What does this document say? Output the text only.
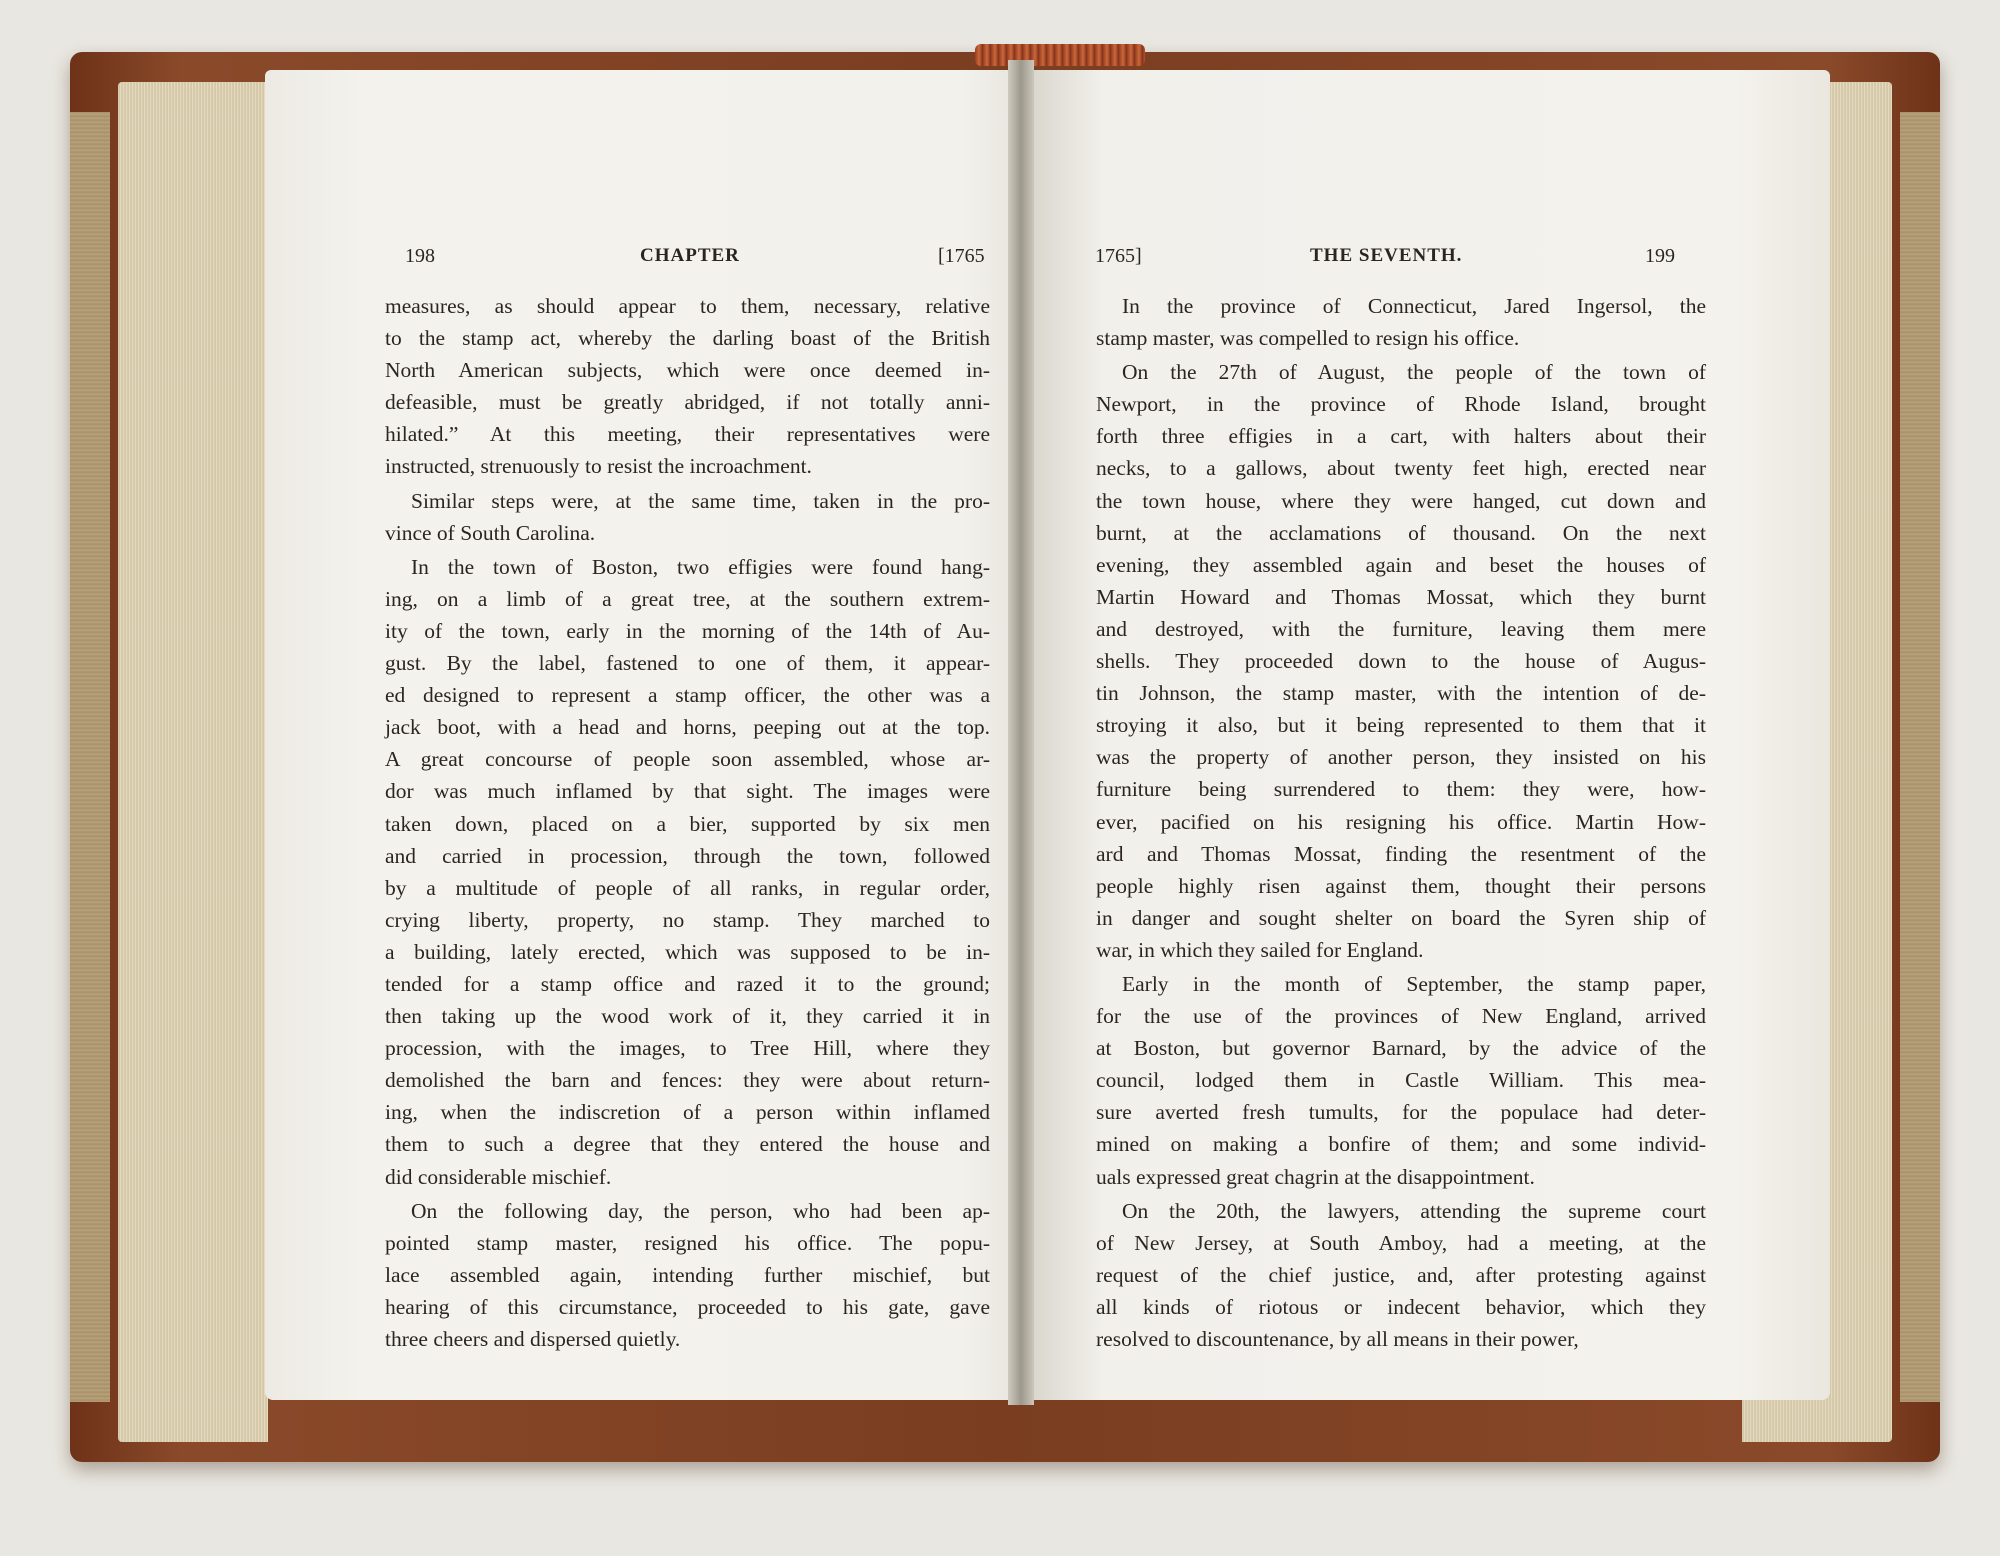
198	CHAPTER	[1765	1765]	THE SEVENTH.	199
measures, as should appear to them, necessary, relative
to the stamp act, whereby the darling boast of the British
North American subjects, which were once deemed in-
defeasible, must be greatly abridged, if not totally anni-
hilated.” At this meeting, their representatives were
instructed, strenuously to resist the incroachment.
Similar steps were, at the same time, taken in the pro-
vince of South Carolina.
In the town of Boston, two effigies were found hang-
ing, on a limb of a great tree, at the southern extrem-
ity of the town, early in the morning of the 14th of Au-
gust. By the label, fastened to one of them, it appear-
ed designed to represent a stamp officer, the other was a
jack boot, with a head and horns, peeping out at the top.
A great concourse of people soon assembled, whose ar-
dor was much inflamed by that sight. The images were
taken down, placed on a bier, supported by six men
and carried in procession, through the town, followed
by a multitude of people of all ranks, in regular order,
crying liberty, property, no stamp. They marched to
a building, lately erected, which was supposed to be in-
tended for a stamp office and razed it to the ground;
then taking up the wood work of it, they carried it in
procession, with the images, to Tree Hill, where they
demolished the barn and fences: they were about return-
ing, when the indiscretion of a person within inflamed
them to such a degree that they entered the house and
did considerable mischief.
On the following day, the person, who had been ap-
pointed stamp master, resigned his office. The popu-
lace assembled again, intending further mischief, but
hearing of this circumstance, proceeded to his gate, gave
three cheers and dispersed quietly.
In the province of Connecticut, Jared Ingersol, the
stamp master, was compelled to resign his office.
On the 27th of August, the people of the town of
Newport, in the province of Rhode Island, brought
forth three effigies in a cart, with halters about their
necks, to a gallows, about twenty feet high, erected near
the town house, where they were hanged, cut down and
burnt, at the acclamations of thousand. On the next
evening, they assembled again and beset the houses of
Martin Howard and Thomas Mossat, which they burnt
and destroyed, with the furniture, leaving them mere
shells. They proceeded down to the house of Augus-
tin Johnson, the stamp master, with the intention of de-
stroying it also, but it being represented to them that it
was the property of another person, they insisted on his
furniture being surrendered to them: they were, how-
ever, pacified on his resigning his office. Martin How-
ard and Thomas Mossat, finding the resentment of the
people highly risen against them, thought their persons
in danger and sought shelter on board the Syren ship of
war, in which they sailed for England.
Early in the month of September, the stamp paper,
for the use of the provinces of New England, arrived
at Boston, but governor Barnard, by the advice of the
council, lodged them in Castle William. This mea-
sure averted fresh tumults, for the populace had deter-
mined on making a bonfire of them; and some individ-
uals expressed great chagrin at the disappointment.
On the 20th, the lawyers, attending the supreme court
of New Jersey, at South Amboy, had a meeting, at the
request of the chief justice, and, after protesting against
all kinds of riotous or indecent behavior, which they
resolved to discountenance, by all means in their power,
